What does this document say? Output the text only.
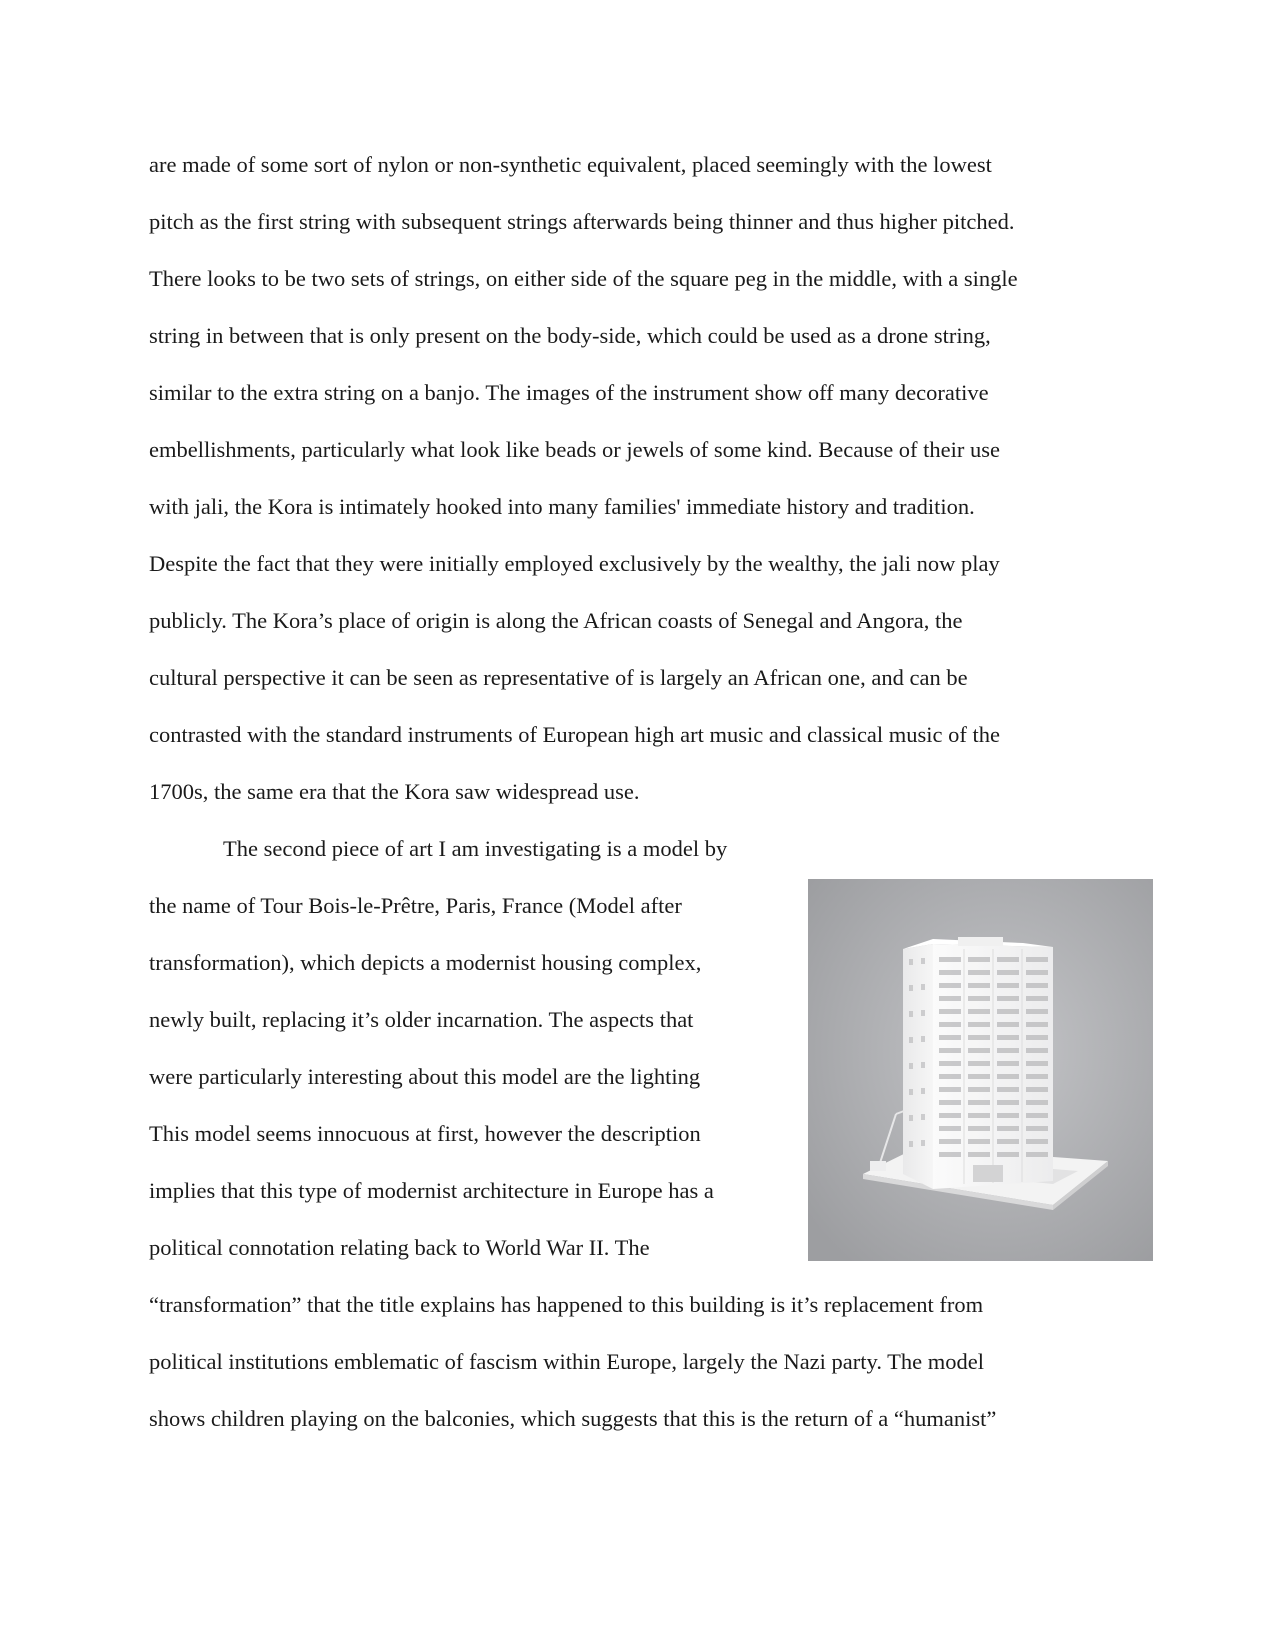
are made of some sort of nylon or non-synthetic equivalent, placed seemingly with the lowest

pitch as the first string with subsequent strings afterwards being thinner and thus higher pitched.

There looks to be two sets of strings, on either side of the square peg in the middle, with a single

string in between that is only present on the body-side, which could be used as a drone string,

similar to the extra string on a banjo. The images of the instrument show off many decorative

embellishments, particularly what look like beads or jewels of some kind. Because of their use

with jali, the Kora is intimately hooked into many families' immediate history and tradition.

Despite the fact that they were initially employed exclusively by the wealthy, the jali now play

publicly. The Kora’s place of origin is along the African coasts of Senegal and Angora, the

cultural perspective it can be seen as representative of is largely an African one, and can be

contrasted with the standard instruments of European high art music and classical music of the

1700s, the same era that the Kora saw widespread use.

The second piece of art I am investigating is a model by

the name of Tour Bois-le-Prêtre, Paris, France (Model after

transformation), which depicts a modernist housing complex,

newly built, replacing it’s older incarnation. The aspects that

were particularly interesting about this model are the lighting

This model seems innocuous at first, however the description

implies that this type of modernist architecture in Europe has a

political connotation relating back to World War II. The

“transformation” that the title explains has happened to this building is it’s replacement from

political institutions emblematic of fascism within Europe, largely the Nazi party. The model

shows children playing on the balconies, which suggests that this is the return of a “humanist”
